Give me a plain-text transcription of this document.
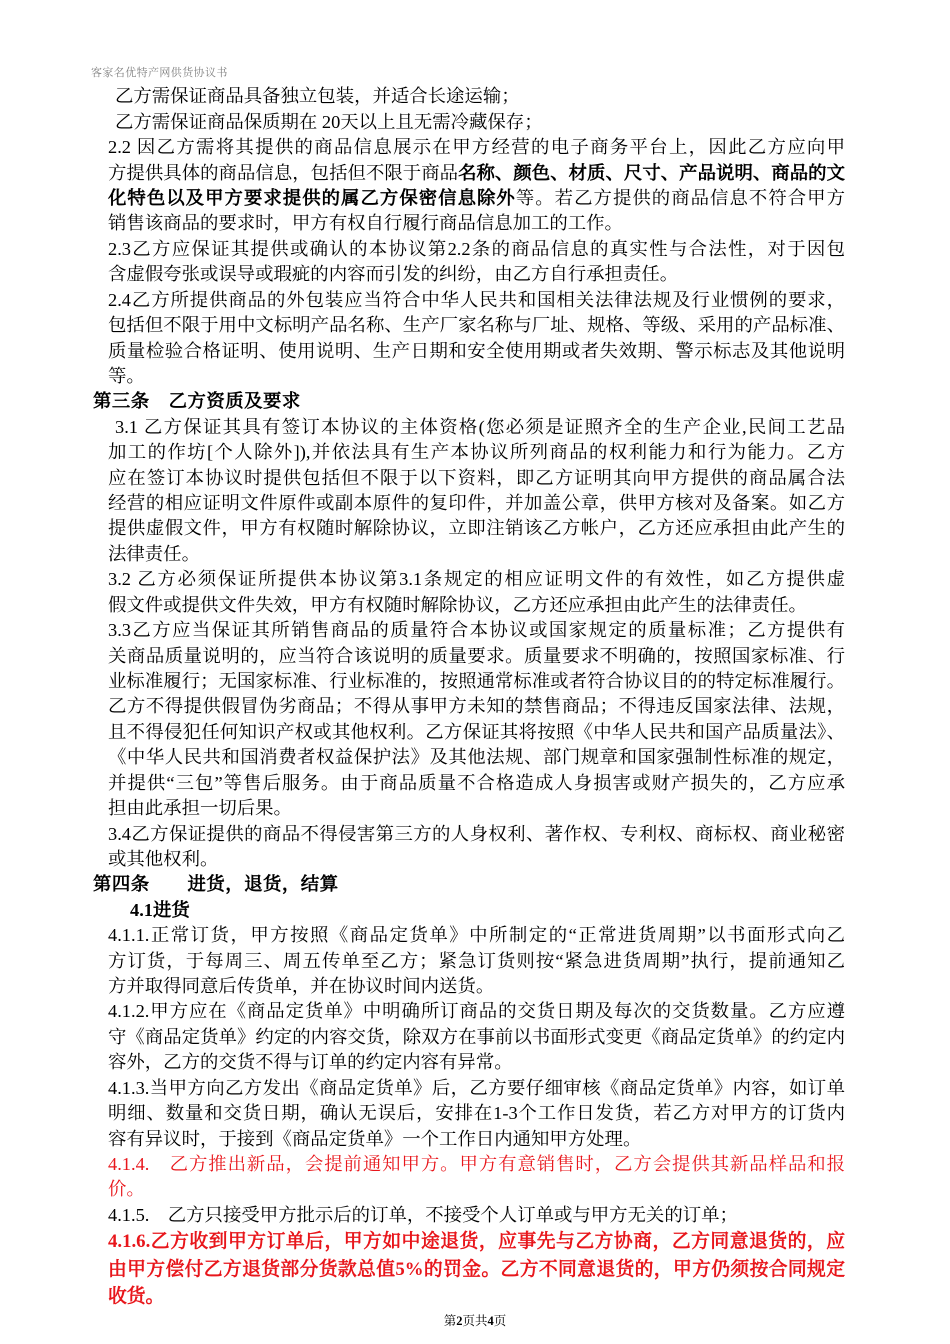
客家名优特产网供货协议书
乙方需保证商品具备独立包装，并适合长途运输；
乙方需保证商品保质期在 20天以上且无需冷藏保存；
2.2 因乙方需将其提供的商品信息展示在甲方经营的电子商务平台上，因此乙方应向甲
方提供具体的商品信息，包括但不限于商品名称、颜色、材质、尺寸、产品说明、商品的文
化特色以及甲方要求提供的属乙方保密信息除外等。若乙方提供的商品信息不符合甲方
销售该商品的要求时，甲方有权自行履行商品信息加工的工作。
2.3乙方应保证其提供或确认的本协议第2.2条的商品信息的真实性与合法性，对于因包
含虚假夸张或误导或瑕疵的内容而引发的纠纷，由乙方自行承担责任。
2.4乙方所提供商品的外包装应当符合中华人民共和国相关法律法规及行业惯例的要求，
包括但不限于用中文标明产品名称、生产厂家名称与厂址、规格、等级、采用的产品标准、
质量检验合格证明、使用说明、生产日期和安全使用期或者失效期、警示标志及其他说明
等。
第三条　乙方资质及要求
3.1 乙方保证其具有签订本协议的主体资格(您必须是证照齐全的生产企业,民间工艺品
加工的作坊[个人除外]),并依法具有生产本协议所列商品的权利能力和行为能力。乙方
应在签订本协议时提供包括但不限于以下资料，即乙方证明其向甲方提供的商品属合法
经营的相应证明文件原件或副本原件的复印件，并加盖公章，供甲方核对及备案。如乙方
提供虚假文件，甲方有权随时解除协议，立即注销该乙方帐户，乙方还应承担由此产生的
法律责任。
3.2 乙方必须保证所提供本协议第3.1条规定的相应证明文件的有效性，如乙方提供虚
假文件或提供文件失效，甲方有权随时解除协议，乙方还应承担由此产生的法律责任。
3.3乙方应当保证其所销售商品的质量符合本协议或国家规定的质量标准；乙方提供有
关商品质量说明的，应当符合该说明的质量要求。质量要求不明确的，按照国家标准、行
业标准履行；无国家标准、行业标准的，按照通常标准或者符合协议目的的特定标准履行。
乙方不得提供假冒伪劣商品；不得从事甲方未知的禁售商品；不得违反国家法律、法规，
且不得侵犯任何知识产权或其他权利。乙方保证其将按照《中华人民共和国产品质量法》、
《中华人民共和国消费者权益保护法》及其他法规、部门规章和国家强制性标准的规定，
并提供“三包”等售后服务。由于商品质量不合格造成人身损害或财产损失的，乙方应承
担由此承担一切后果。
3.4乙方保证提供的商品不得侵害第三方的人身权利、著作权、专利权、商标权、商业秘密
或其他权利。
第四条　　进货，退货，结算
4.1进货
4.1.1.正常订货，甲方按照《商品定货单》中所制定的“正常进货周期”以书面形式向乙
方订货，于每周三、周五传单至乙方；紧急订货则按“紧急进货周期”执行，提前通知乙
方并取得同意后传货单，并在协议时间内送货。
4.1.2.甲方应在《商品定货单》中明确所订商品的交货日期及每次的交货数量。乙方应遵
守《商品定货单》约定的内容交货，除双方在事前以书面形式变更《商品定货单》的约定内
容外，乙方的交货不得与订单的约定内容有异常。
4.1.3.当甲方向乙方发出《商品定货单》后，乙方要仔细审核《商品定货单》内容，如订单
明细、数量和交货日期，确认无误后，安排在1-3个工作日发货，若乙方对甲方的订货内
容有异议时，于接到《商品定货单》一个工作日内通知甲方处理。
4.1.4.　乙方推出新品，会提前通知甲方。甲方有意销售时，乙方会提供其新品样品和报
价。
4.1.5.　乙方只接受甲方批示后的订单，不接受个人订单或与甲方无关的订单；
4.1.6.乙方收到甲方订单后，甲方如中途退货，应事先与乙方协商，乙方同意退货的，应
由甲方偿付乙方退货部分货款总值5%的罚金。乙方不同意退货的，甲方仍须按合同规定
收货。
第2页共4页
